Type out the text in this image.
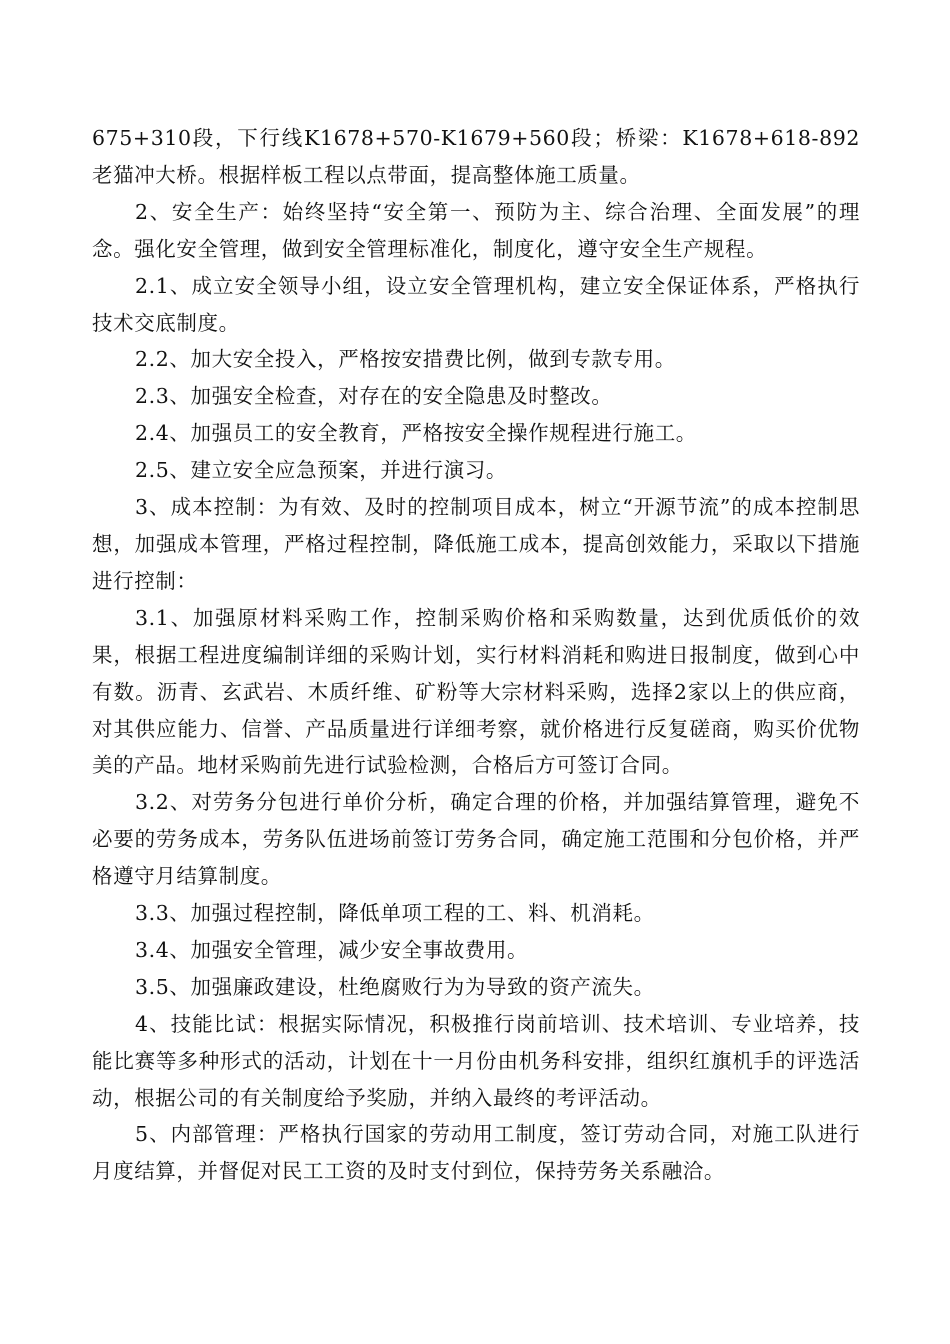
675+310段，下行线K1678+570-K1679+560段；桥梁：K1678+618-892老猫冲大桥。根据样板工程以点带面，提高整体施工质量。

2、安全生产：始终坚持“安全第一、预防为主、综合治理、全面发展”的理念。强化安全管理，做到安全管理标准化，制度化，遵守安全生产规程。

2.1、成立安全领导小组，设立安全管理机构，建立安全保证体系，严格执行技术交底制度。

2.2、加大安全投入，严格按安措费比例，做到专款专用。

2.3、加强安全检查，对存在的安全隐患及时整改。

2.4、加强员工的安全教育，严格按安全操作规程进行施工。

2.5、建立安全应急预案，并进行演习。

3、成本控制：为有效、及时的控制项目成本，树立“开源节流”的成本控制思想，加强成本管理，严格过程控制，降低施工成本，提高创效能力，采取以下措施进行控制：

3.1、加强原材料采购工作，控制采购价格和采购数量，达到优质低价的效果，根据工程进度编制详细的采购计划，实行材料消耗和购进日报制度，做到心中有数。沥青、玄武岩、木质纤维、矿粉等大宗材料采购，选择2家以上的供应商，对其供应能力、信誉、产品质量进行详细考察，就价格进行反复磋商，购买价优物美的产品。地材采购前先进行试验检测，合格后方可签订合同。

3.2、对劳务分包进行单价分析，确定合理的价格，并加强结算管理，避免不必要的劳务成本，劳务队伍进场前签订劳务合同，确定施工范围和分包价格，并严格遵守月结算制度。

3.3、加强过程控制，降低单项工程的工、料、机消耗。

3.4、加强安全管理，减少安全事故费用。

3.5、加强廉政建设，杜绝腐败行为为导致的资产流失。

4、技能比试：根据实际情况，积极推行岗前培训、技术培训、专业培养，技能比赛等多种形式的活动，计划在十一月份由机务科安排，组织红旗机手的评选活动，根据公司的有关制度给予奖励，并纳入最终的考评活动。

5、内部管理：严格执行国家的劳动用工制度，签订劳动合同，对施工队进行月度结算，并督促对民工工资的及时支付到位，保持劳务关系融洽。
